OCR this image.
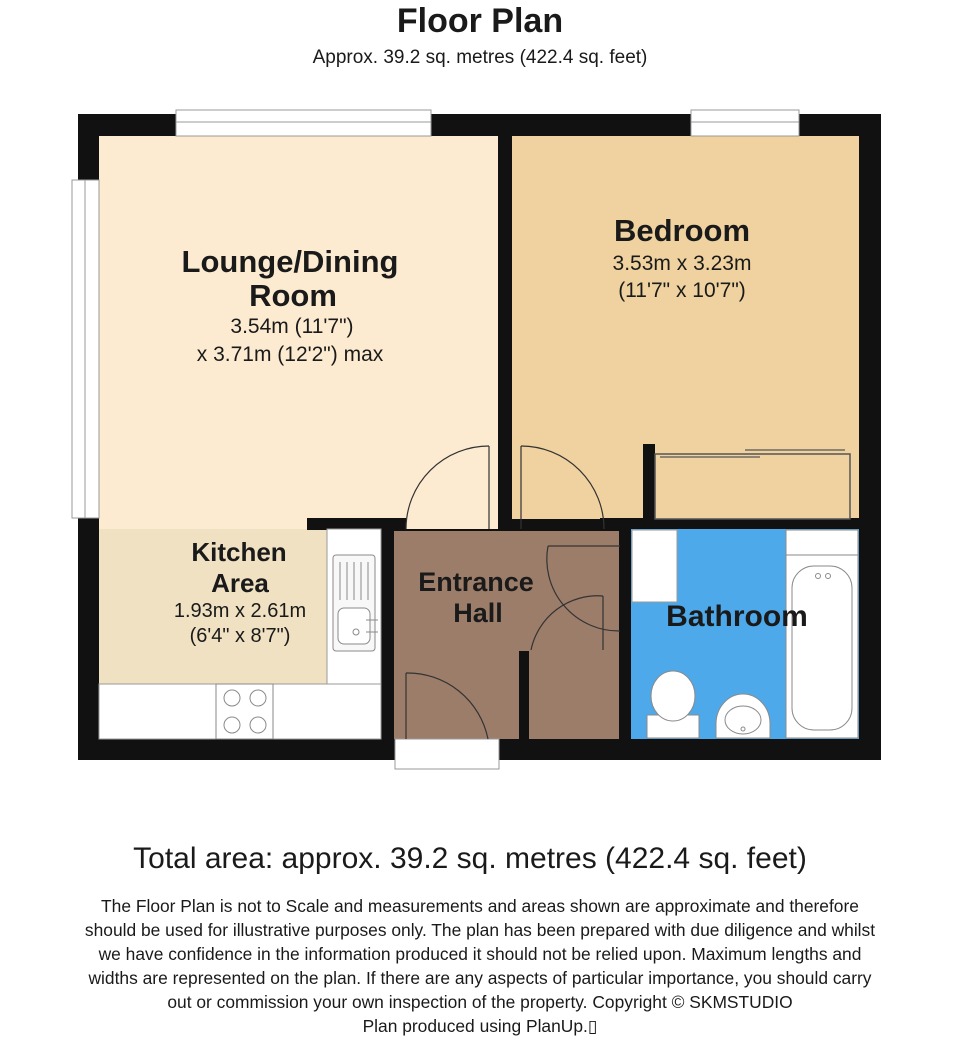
Floor Plan
Approx. 39.2 sq. metres (422.4 sq. feet)
Lounge/Dining
Room
3.54m (11'7")
x 3.71m (12'2") max
Bedroom
3.53m x 3.23m
(11'7" x 10'7")
Kitchen
Area
1.93m x 2.61m
(6'4" x 8'7")
Entrance
Hall	Bathroom
Total area: approx. 39.2 sq. metres (422.4 sq. feet)
The Floor Plan is not to Scale and measurements and areas shown are approximate and therefore
should be used for illustrative purposes only. The plan has been prepared with due diligence and whilst
we have confidence in the information produced it should not be relied upon. Maximum lengths and
widths are represented on the plan. If there are any aspects of particular importance, you should carry
out or commission your own inspection of the property. Copyright © SKMSTUDIO
Plan produced using PlanUp.▯
